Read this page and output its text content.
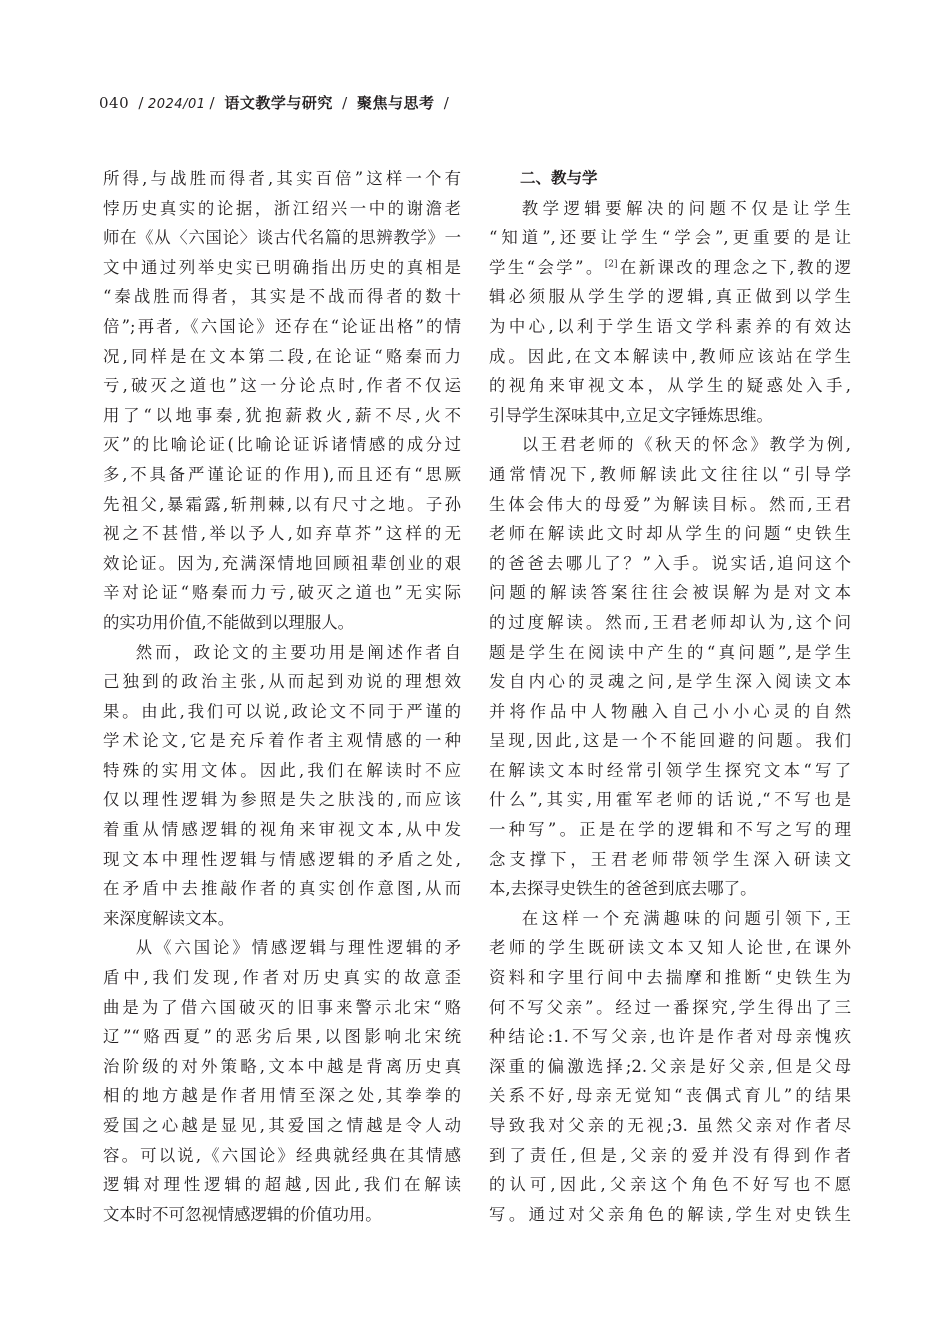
040 / 2024/01 / 语文教学与研究 / 聚焦与思考 /
所得,与战胜而得者,其实百倍”这样一个有
悖历史真实的论据，浙江绍兴一中的谢澹老
师在《从〈六国论〉谈古代名篇的思辨教学》一
文中通过列举史实已明确指出历史的真相是
“秦战胜而得者，其实是不战而得者的数十
倍”;再者,《六国论》还存在“论证出格”的情
况,同样是在文本第二段,在论证“赂秦而力
亏,破灭之道也”这一分论点时,作者不仅运
用了“以地事秦,犹抱薪救火,薪不尽,火不
灭”的比喻论证(比喻论证诉诸情感的成分过
多,不具备严谨论证的作用),而且还有“思厥
先祖父,暴霜露,斩荆棘,以有尺寸之地。子孙
视之不甚惜,举以予人,如弃草芥”这样的无
效论证。因为,充满深情地回顾祖辈创业的艰
辛对论证“赂秦而力亏,破灭之道也”无实际
的实功用价值,不能做到以理服人。
然而，政论文的主要功用是阐述作者自
己独到的政治主张,从而起到劝说的理想效
果。由此,我们可以说,政论文不同于严谨的
学术论文,它是充斥着作者主观情感的一种
特殊的实用文体。因此,我们在解读时不应
仅以理性逻辑为参照是失之肤浅的,而应该
着重从情感逻辑的视角来审视文本,从中发
现文本中理性逻辑与情感逻辑的矛盾之处,
在矛盾中去推敲作者的真实创作意图,从而
来深度解读文本。
从《六国论》情感逻辑与理性逻辑的矛
盾中,我们发现,作者对历史真实的故意歪
曲是为了借六国破灭的旧事来警示北宋“赂
辽”“赂西夏”的恶劣后果,以图影响北宋统
治阶级的对外策略,文本中越是背离历史真
相的地方越是作者用情至深之处,其拳拳的
爱国之心越是显见,其爱国之情越是令人动
容。可以说,《六国论》经典就经典在其情感
逻辑对理性逻辑的超越,因此,我们在解读
文本时不可忽视情感逻辑的价值功用。
二、教与学
教学逻辑要解决的问题不仅是让学生
“知道”,还要让学生“学会”,更重要的是让
学生“会学”。[2]在新课改的理念之下,教的逻
辑必须服从学生学的逻辑,真正做到以学生
为中心,以利于学生语文学科素养的有效达
成。因此,在文本解读中,教师应该站在学生
的视角来审视文本，从学生的疑惑处入手,
引导学生深味其中,立足文字锤炼思维。
以王君老师的《秋天的怀念》教学为例,
通常情况下,教师解读此文往往以“引导学
生体会伟大的母爱”为解读目标。然而,王君
老师在解读此文时却从学生的问题“史铁生
的爸爸去哪儿了？”入手。说实话,追问这个
问题的解读答案往往会被误解为是对文本
的过度解读。然而,王君老师却认为,这个问
题是学生在阅读中产生的“真问题”,是学生
发自内心的灵魂之问,是学生深入阅读文本
并将作品中人物融入自己小小心灵的自然
呈现,因此,这是一个不能回避的问题。我们
在解读文本时经常引领学生探究文本“写了
什么”,其实,用霍军老师的话说,“不写也是
一种写”。正是在学的逻辑和不写之写的理
念支撑下，王君老师带领学生深入研读文
本,去探寻史铁生的爸爸到底去哪了。
在这样一个充满趣味的问题引领下,王
老师的学生既研读文本又知人论世,在课外
资料和字里行间中去揣摩和推断“史铁生为
何不写父亲”。经过一番探究,学生得出了三
种结论:1.不写父亲,也许是作者对母亲愧疚
深重的偏激选择;2.父亲是好父亲,但是父母
关系不好,母亲无觉知“丧偶式育儿”的结果
导致我对父亲的无视;3. 虽然父亲对作者尽
到了责任,但是,父亲的爱并没有得到作者
的认可,因此,父亲这个角色不好写也不愿
写。通过对父亲角色的解读,学生对史铁生
